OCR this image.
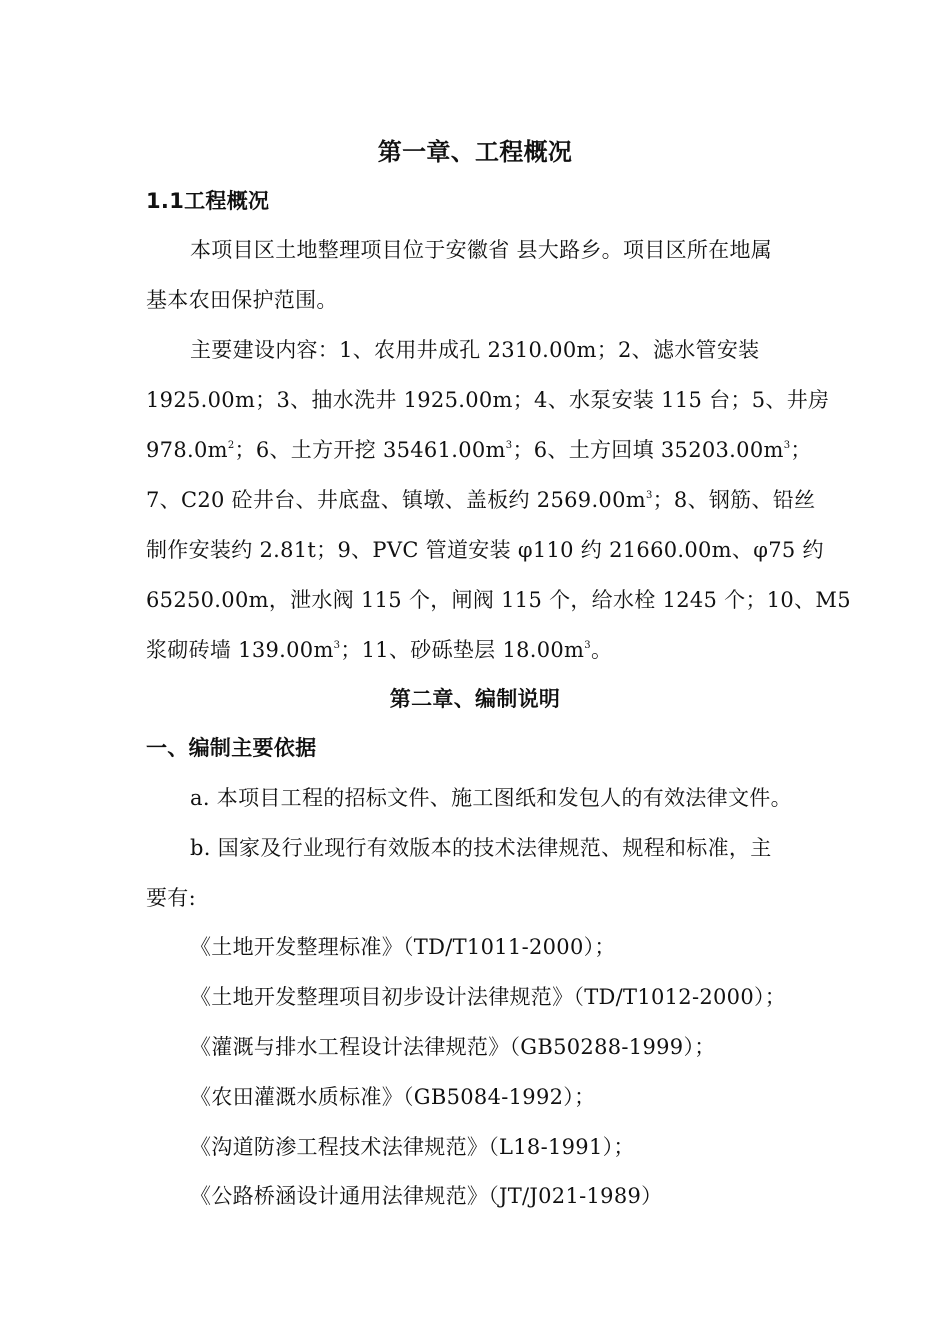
第一章、工程概况
1.1工程概况
本项目区土地整理项目位于安徽省 县大路乡。项目区所在地属
基本农田保护范围。
主要建设内容：1、农用井成孔 2310.00m；2、滤水管安装
1925.00m；3、抽水洗井 1925.00m；4、水泵安装 115 台；5、井房
$978.0m^2$；6、土方开挖 $35461.00m^3$；6、土方回填 $35203.00m^3$；
7、C20 砼井台、井底盘、镇墩、盖板约 $2569.00m^3$；8、钢筋、铅丝
制作安装约 2.81t；9、PVC 管道安装 φ110 约 21660.00m、φ75 约
65250.00m，泄水阀 115 个，闸阀 115 个，给水栓 1245 个；10、M5
浆砌砖墙 $139.00m^3$；11、砂砾垫层 $18.00m^3$。
第二章、编制说明
一、编制主要依据
a. 本项目工程的招标文件、施工图纸和发包人的有效法律文件。
b. 国家及行业现行有效版本的技术法律规范、规程和标准，主
要有:
《土地开发整理标准》（TD/T1011-2000）；
《土地开发整理项目初步设计法律规范》（TD/T1012-2000）；
《灌溉与排水工程设计法律规范》（GB50288-1999）；
《农田灌溉水质标准》（GB5084-1992）；
《沟道防渗工程技术法律规范》（L18-1991）；
《公路桥涵设计通用法律规范》（JT/J021-1989）
